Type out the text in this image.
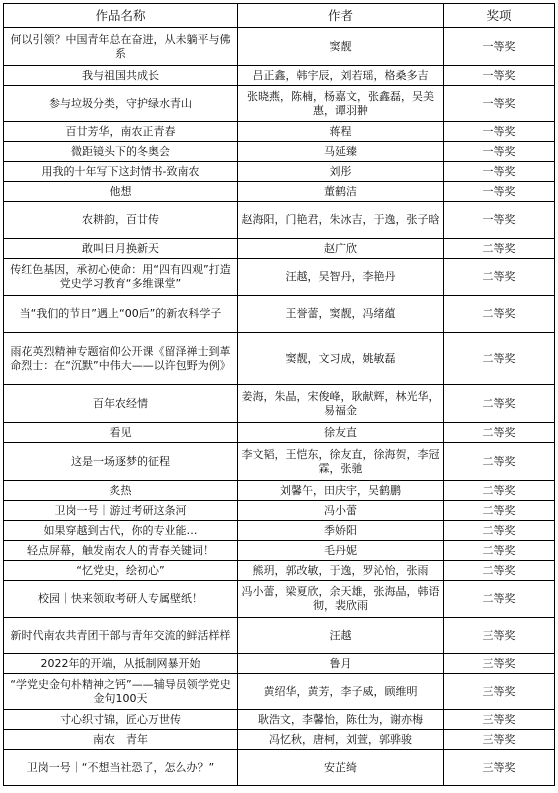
作品名称	作者	奖项
何以引领？中国青年总在奋进，从未躺平与佛系	窦靓	一等奖
我与祖国共成长	吕正鑫，韩宇辰，刘若瑶，格桑多吉	一等奖
参与垃圾分类，守护绿水青山	张晓燕，陈楠，杨嘉文，张鑫磊，吴美惠，谭羽翀	一等奖
百廿芳华，南农正青春	蒋程	一等奖
微距镜头下的冬奥会	马延臻	一等奖
用我的十年写下这封情书-致南农	刘彤	一等奖
他想	董鹤洁	一等奖
农耕韵，百廿传	赵海阳，门艳君，朱冰吉，于逸，张子晗	一等奖
敢叫日月换新天	赵广欣	二等奖
传红色基因，承初心使命：用“四有四观”打造党史学习教育“多维课堂”	汪越，吴智丹，李艳丹	二等奖
当“我们的节日”遇上“00后”的新农科学子	王誉蕾，窦靓，冯绪蕴	二等奖
雨花英烈精神专题宿仰公开课《留泽禅士到革命烈士：在“沉默”中伟大——以许包野为例》	窦靓，文习成，姚敏磊	二等奖
百年农经情	姜海，朱晶，宋俊峰，耿献辉，林光华，易福金	二等奖
看见	徐友直	二等奖
这是一场逐梦的征程	李文韬，王恺东，徐友直，徐海贺，李冠霖，张驰	二等奖
炙热	刘馨午，田庆宇，吴鹤鹏	二等奖
卫岗一号｜游过考研这条河	冯小蕾	二等奖
如果穿越到古代，你的专业能…	季娇阳	二等奖
轻点屏幕，触发南农人的青春关键词！	毛丹妮	二等奖
“忆党史，绘初心”	熊玥，郭改敏，于逸，罗沁怡，张雨	二等奖
校园｜快来领取考研人专属壁纸！	冯小蕾，梁夏欣，余天雄，张海晶，韩语彻，裴欣雨	二等奖
新时代南农共青团干部与青年交流的鲜活样样	汪越	三等奖
2022年的开端，从抵制网暴开始	鲁月	三等奖
“学党史金句朴精神之钙”——辅导员领学党史金句100天	黄绍华，黄芳，李子威，顾维明	三等奖
寸心织寸锦，匠心万世传	耿浩文，李馨怡，陈仕为，谢亦梅	三等奖
南农　青年	冯忆秋，唐柯，刘萱，郭骅骏	三等奖
卫岗一号｜“不想当社恐了，怎么办？”	安芷绮	三等奖
